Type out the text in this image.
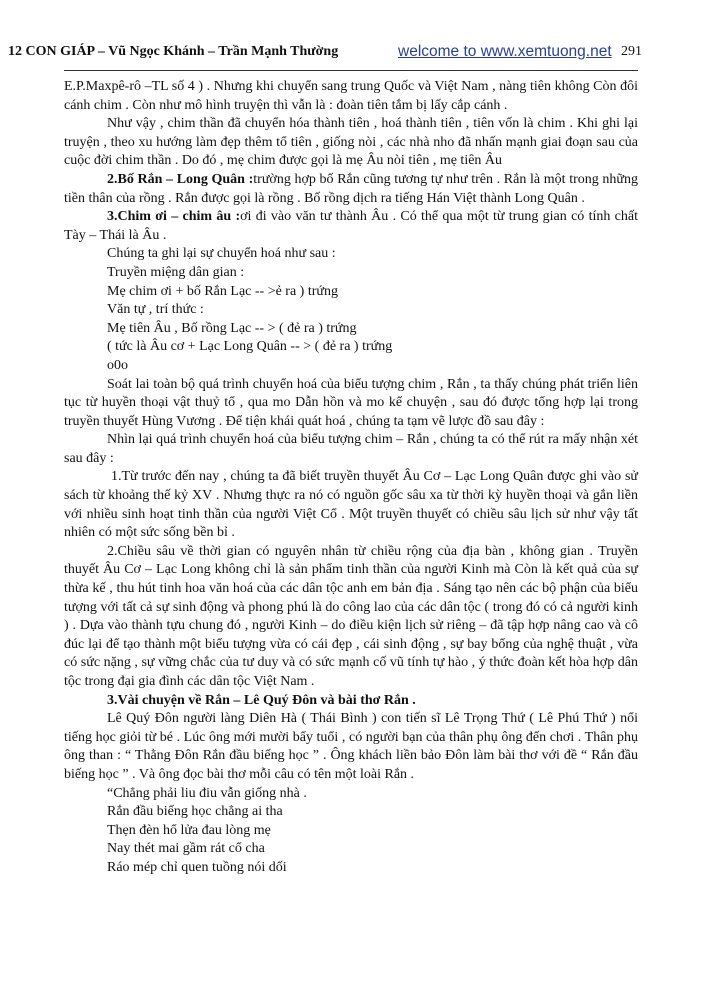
12 CON GIÁP – Vũ Ngọc Khánh – Trần Mạnh Thường	welcome to www.xemtuong.net 291

E.P.Maxpê-rô –TL số 4 ) . Nhưng khi chuyển sang trung Quốc và Việt Nam , nàng tiên không Còn đôi cánh chim . Còn như mô hình truyện thì vẫn là : đoàn tiên tắm bị lấy cắp cánh .

Như vậy , chim thần đã chuyển hóa thành tiên , hoá thành tiên , tiên vốn là chim . Khi ghi lại truyện , theo xu hướng làm đẹp thêm tổ tiên , giống nòi , các nhà nho đã nhấn mạnh giai đoạn sau của cuộc đời chim thần . Do đó , mẹ chim được gọi là mẹ Âu nòi tiên , mẹ tiên Âu

2.Bố Rắn – Long Quân :trường hợp bố Rắn cũng tương tự như trên . Rắn là một trong những tiền thân của rồng . Rắn được gọi là rồng . Bố rồng dịch ra tiếng Hán Việt thành Long Quân .

3.Chim ơi – chim âu :ơi đi vào văn tư thành Âu . Có thể qua một từ trung gian có tính chất Tày – Thái là Âu .

Chúng ta ghi lại sự chuyển hoá như sau :

Truyền miệng dân gian :

Mẹ chim ơi + bố Rắn Lạc -- >ẻ ra ) trứng

Văn tự , trí thức :

Mẹ tiên Âu , Bố rồng Lạc -- > ( đẻ ra ) trứng

( tức là Âu cơ + Lạc Long Quân -- > ( đẻ ra ) trứng

o0o

Soát lai toàn bộ quá trình chuyển hoá của biểu tượng chim , Rắn , ta thấy chúng phát triển liên tục từ huyền thoại vật thuỷ tổ , qua mo Dẫn hồn và mo kể chuyện , sau đó được tổng hợp lại trong truyền thuyết Hùng Vương . Để tiện khái quát hoá , chúng ta tạm vẽ lược đồ sau đây :

Nhìn lại quá trình chuyển hoá của biểu tượng chim – Rắn , chúng ta có thể rút ra mấy nhận xét sau đây :

1.Từ trước đến nay , chúng ta đã biết truyền thuyết Âu Cơ – Lạc Long Quân được ghi vào sử sách từ khoảng thế kỷ XV . Nhưng thực ra nó có nguồn gốc sâu xa từ thời kỳ huyền thoại và gắn liền với nhiều sinh hoạt tinh thần của người Việt Cổ . Một truyền thuyết có chiều sâu lịch sử như vậy tất nhiên có một sức sống bền bỉ .

2.Chiều sâu về thời gian có nguyên nhân từ chiều rộng của địa bàn , không gian . Truyền thuyết Âu Cơ – Lạc Long không chỉ là sản phẩm tinh thần của người Kinh mà Còn là kết quả của sự thừa kế , thu hút tinh hoa văn hoá của các dân tộc anh em bản địa . Sáng tạo nên các bộ phận của biểu tượng với tất cả sự sinh động và phong phú là do công lao của các dân tộc ( trong đó có cả người kinh ) . Dựa vào thành tựu chung đó , người Kinh – do điều kiện lịch sử riêng – đã tập hợp nâng cao và cô đúc lại để tạo thành một biểu tượng vừa có cái đẹp , cái sinh động , sự bay bổng của nghệ thuật , vừa có sức nặng , sự vững chắc của tư duy và có sức mạnh cố vũ tính tự hào , ý thức đoàn kết hòa hợp dân tộc trong đại gia đình các dân tộc Việt Nam .

3.Vài chuyện về Rắn – Lê Quý Đôn và bài thơ Rắn .

Lê Quý Đôn người làng Diên Hà ( Thái Bình ) con tiến sĩ Lê Trọng Thứ ( Lê Phú Thứ ) nổi tiếng học giỏi từ bé . Lúc ông mới mười bẩy tuổi , có người bạn của thân phụ ông đến chơi . Thân phụ ông than : “ Thằng Đôn Rắn đầu biếng học ” . Ông khách liền bảo Đôn làm bài thơ với đề “ Rắn đầu biếng học ” . Và ông đọc bài thơ mỗi câu có tên một loài Rắn .

“Chẳng phải liu điu vẫn giống nhà .

Rắn đầu biếng học chẳng ai tha

Thẹn đèn hổ lửa đau lòng mẹ

Nay thét mai gầm rát cổ cha

Ráo mép chỉ quen tuồng nói dối
